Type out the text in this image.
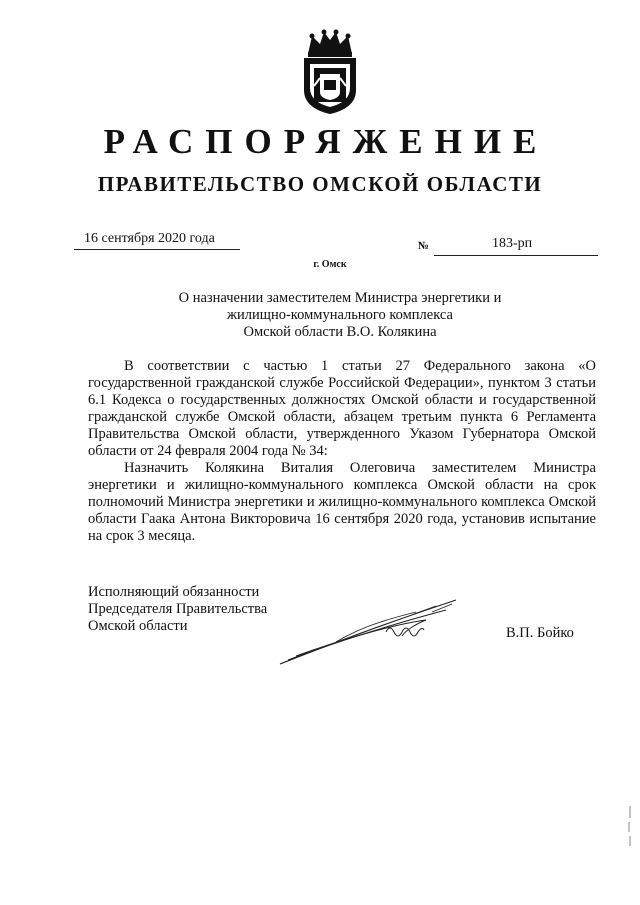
РАСПОРЯЖЕНИЕ
ПРАВИТЕЛЬСТВО ОМСКОЙ ОБЛАСТИ
16 сентября 2020 года	№	183-рп
г. Омск
О назначении заместителем Министра энергетики и
жилищно-коммунального комплекса
Омской области В.О. Колякина
В соответствии с частью 1 статьи 27 Федерального закона «О государственной гражданской службе Российской Федерации», пунктом 3 статьи 6.1 Кодекса о государственных должностях Омской области и государственной гражданской службе Омской области, абзацем третьим пункта 6 Регламента Правительства Омской области, утвержденного Указом Губернатора Омской области от 24 февраля 2004 года № 34:
Назначить Колякина Виталия Олеговича заместителем Министра энергетики и жилищно-коммунального комплекса Омской области на срок полномочий Министра энергетики и жилищно-коммунального комплекса Омской области Гаака Антона Викторовича 16 сентября 2020 года, установив испытание на срок 3 месяца.
Исполняющий обязанности
Председателя Правительства
Омской области	В.П. Бойко
